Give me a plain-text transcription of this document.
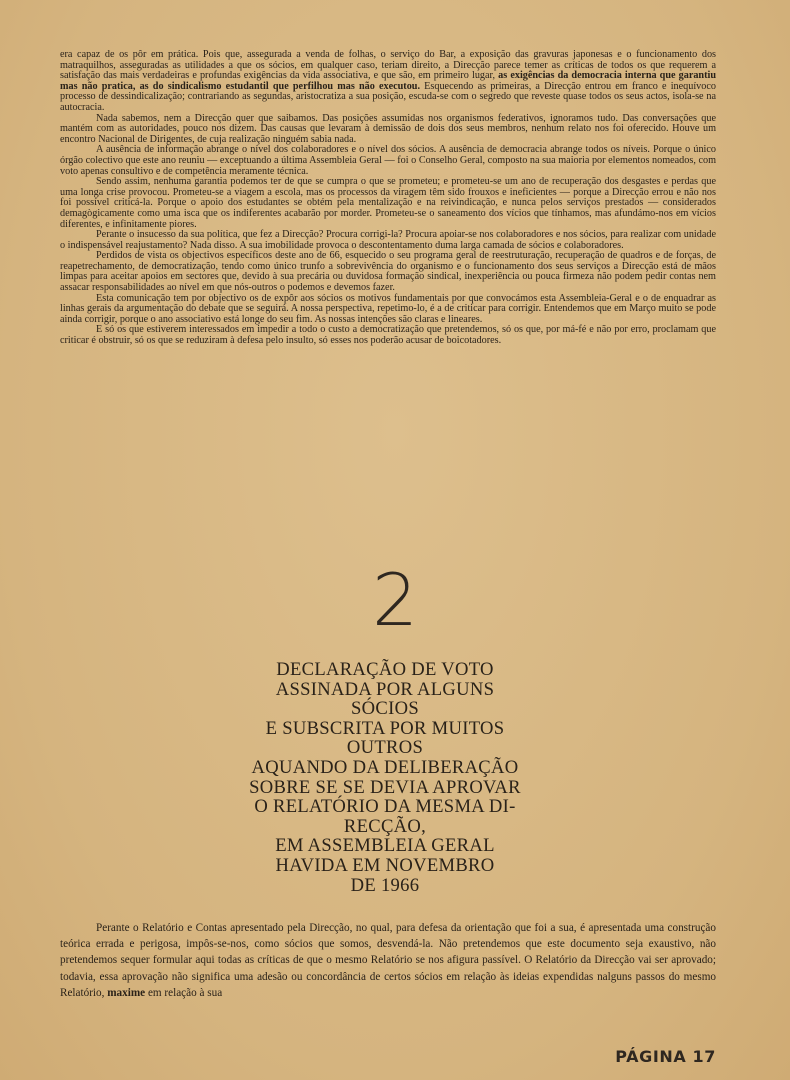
era capaz de os pôr em prática. Pois que, assegurada a venda de folhas, o serviço do Bar, a exposição das gravuras japonesas e o funcionamento dos matraquilhos, asseguradas as utilidades a que os sócios, em qualquer caso, teriam direito, a Direcção parece temer as críticas de todos os que requerem a satisfação das mais verdadeiras e profundas exigências da vida associativa, e que são, em primeiro lugar, as exigências da democracia interna que garantiu mas não pratica, as do sindicalismo estudantil que perfilhou mas não executou. Esquecendo as primeiras, a Direcção entrou em franco e inequívoco processo de dessindicalização; contrariando as segundas, aristocratiza a sua posição, escuda-se com o segredo que reveste quase todos os seus actos, isola-se na autocracia.

Nada sabemos, nem a Direcção quer que saibamos. Das posições assumidas nos organismos federativos, ignoramos tudo. Das conversações que mantém com as autoridades, pouco nos dizem. Das causas que levaram à demissão de dois dos seus membros, nenhum relato nos foi oferecido. Houve um encontro Nacional de Dirigentes, de cuja realização ninguém sabia nada.

A ausência de informação abrange o nível dos colaboradores e o nível dos sócios. A ausência de democracia abrange todos os níveis. Porque o único órgão colectivo que este ano reuniu — exceptuando a última Assembleia Geral — foi o Conselho Geral, composto na sua maioria por elementos nomeados, com voto apenas consultivo e de competência meramente técnica.

Sendo assim, nenhuma garantia podemos ter de que se cumpra o que se prometeu; e prometeu-se um ano de recuperação dos desgastes e perdas que uma longa crise provocou. Prometeu-se a viagem a escola, mas os processos da viragem têm sido frouxos e ineficientes — porque a Direcção errou e não nos foi possível criticá-la. Porque o apoio dos estudantes se obtém pela mentalização e na reivindicação, e nunca pelos serviços prestados — considerados demagògicamente como uma isca que os indiferentes acabarão por morder. Prometeu-se o saneamento dos vícios que tínhamos, mas afundámo-nos em vícios diferentes, e infinitamente piores.

Perante o insucesso da sua política, que fez a Direcção? Procura corrigi-la? Procura apoiar-se nos colaboradores e nos sócios, para realizar com unidade o indispensável reajustamento? Nada disso. A sua imobilidade provoca o descontentamento duma larga camada de sócios e colaboradores.

Perdidos de vista os objectivos específicos deste ano de 66, esquecido o seu programa geral de reestruturação, recuperação de quadros e de forças, de reapetrechamento, de democratização, tendo como único trunfo a sobrevivência do organismo e o funcionamento dos seus serviços a Direcção está de mãos limpas para aceitar apoios em sectores que, devido à sua precária ou duvidosa formação sindical, inexperiência ou pouca firmeza não podem pedir contas nem assacar responsabilidades ao nível em que nós-outros o podemos e devemos fazer.

Esta comunicação tem por objectivo os de expôr aos sócios os motivos fundamentais por que convocámos esta Assembleia-Geral e o de enquadrar as linhas gerais da argumentação do debate que se seguirá. A nossa perspectiva, repetimo-lo, é a de criticar para corrigir. Entendemos que em Março muito se pode ainda corrigir, porque o ano associativo está longe do seu fim. As nossas intenções são claras e lineares.

E só os que estiverem interessados em impedir a todo o custo a democratização que pretendemos, só os que, por má-fé e não por erro, proclamam que criticar é obstruir, só os que se reduziram à defesa pelo insulto, só esses nos poderão acusar de boicotadores.

2
DECLARAÇÃO DE VOTO
ASSINADA POR ALGUNS
SÓCIOS
E SUBSCRITA POR MUITOS
OUTROS
AQUANDO DA DELIBERAÇÃO
SOBRE SE SE DEVIA APROVAR
O RELATÓRIO DA MESMA DI-
RECÇÃO,
EM ASSEMBLEIA GERAL
HAVIDA EM NOVEMBRO
DE 1966

Perante o Relatório e Contas apresentado pela Direcção, no qual, para defesa da orientação que foi a sua, é apresentada uma construção teórica errada e perigosa, impôs-se-nos, como sócios que somos, desvendá-la. Não pretendemos que este documento seja exaustivo, não pretendemos sequer formular aqui todas as críticas de que o mesmo Relatório se nos afigura passível. O Relatório da Direcção vai ser aprovado; todavia, essa aprovação não significa uma adesão ou concordância de certos sócios em relação às ideias expendidas nalguns passos do mesmo Relatório, maxime em relação à sua

PÁGINA 17
